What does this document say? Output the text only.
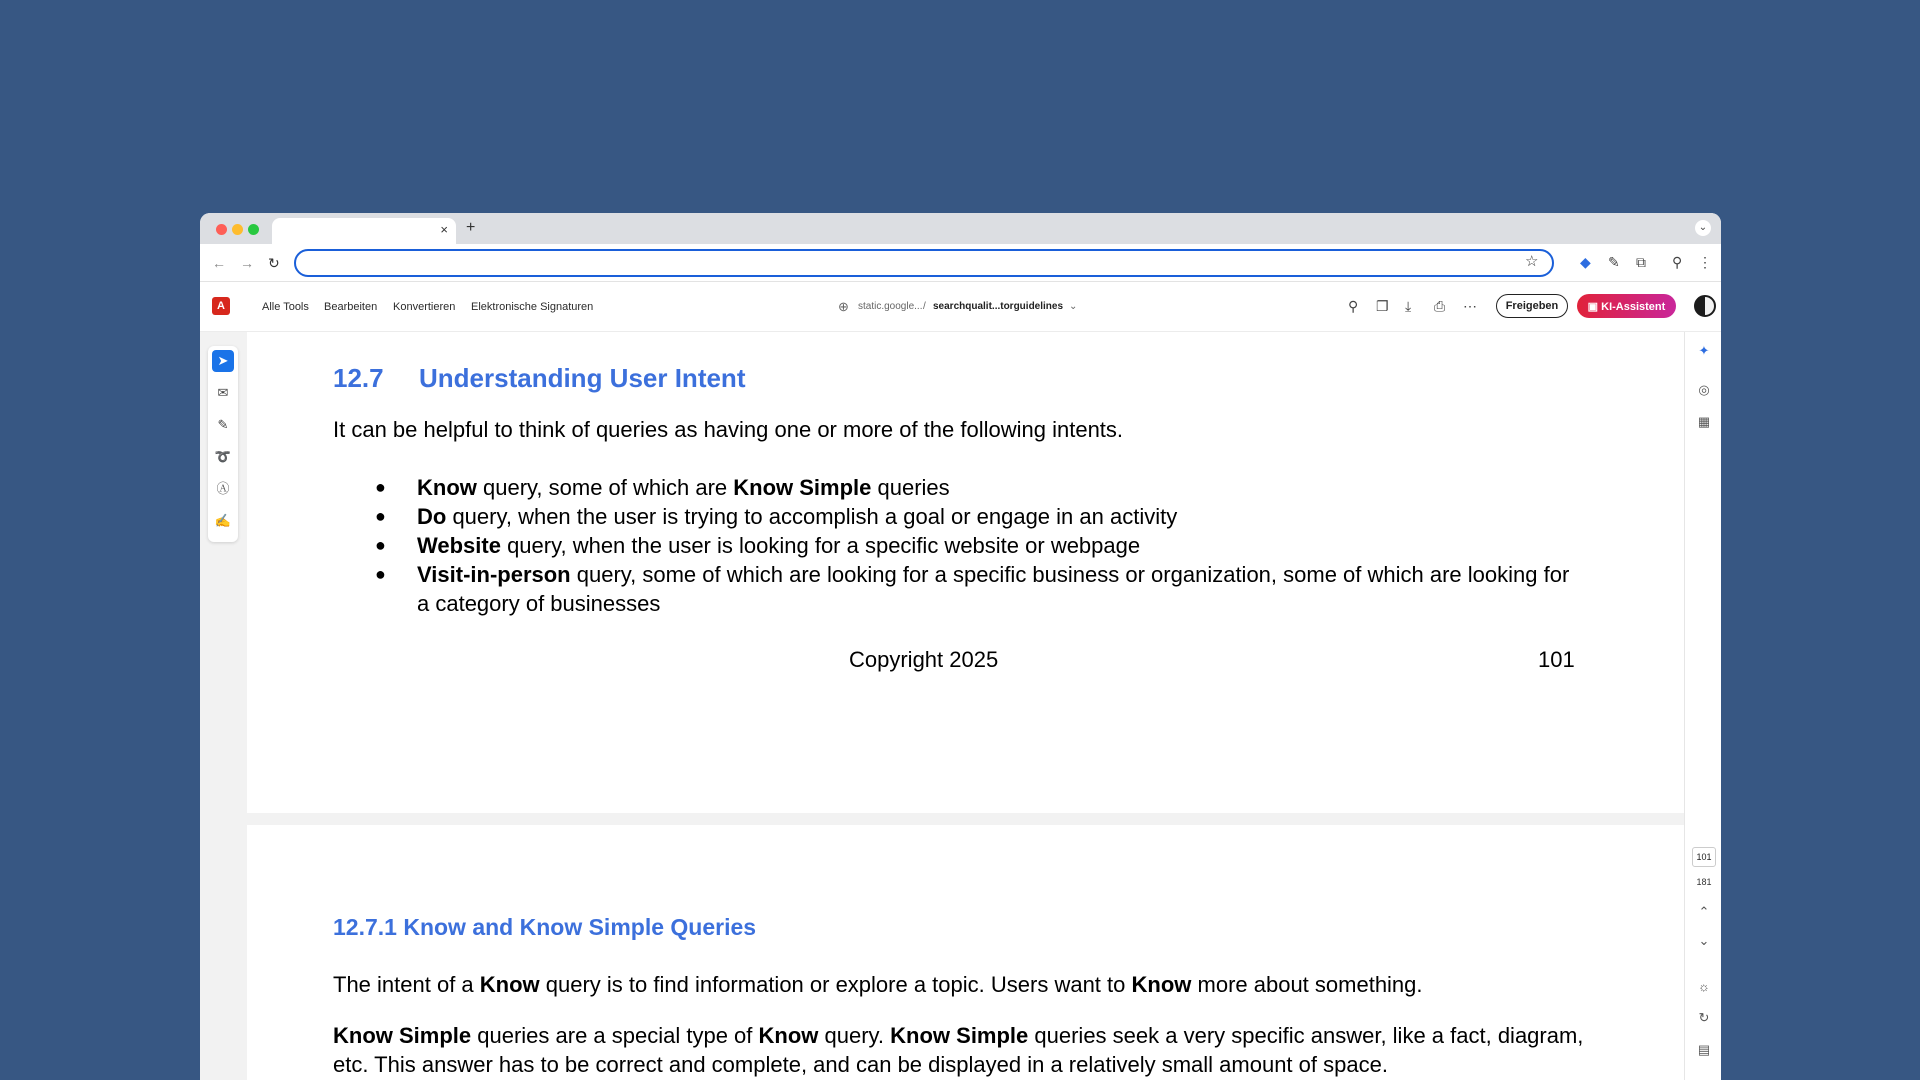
× +	⌄
← → ↻	☆	◆ ✎ ⧉ ⚲ ⋮
A	Alle Tools Bearbeiten Konvertieren Elektronische Signaturen	⊕ static.google... / searchqualit...torguidelines ⌄	⚲ ❐ ⤓ ⎙ ⋯	Freigeben	▣ KI-Assistent
➤
✉
✎
➰
Ⓐ
✍
12.7 Understanding User Intent
It can be helpful to think of queries as having one or more of the following intents.
● Know query, some of which are Know Simple queries
● Do query, when the user is trying to accomplish a goal or engage in an activity
● Website query, when the user is looking for a specific website or webpage
● Visit-in-person query, some of which are looking for a specific business or organization, some of which are looking for a category of businesses
Copyright 2025	101
12.7.1 Know and Know Simple Queries
The intent of a Know query is to find information or explore a topic. Users want to Know more about something.
Know Simple queries are a special type of Know query. Know Simple queries seek a very specific answer, like a fact, diagram, etc. This answer has to be correct and complete, and can be displayed in a relatively small amount of space.
✦
◎
▦
101
181
⌃
⌄
☼
↻
▤
